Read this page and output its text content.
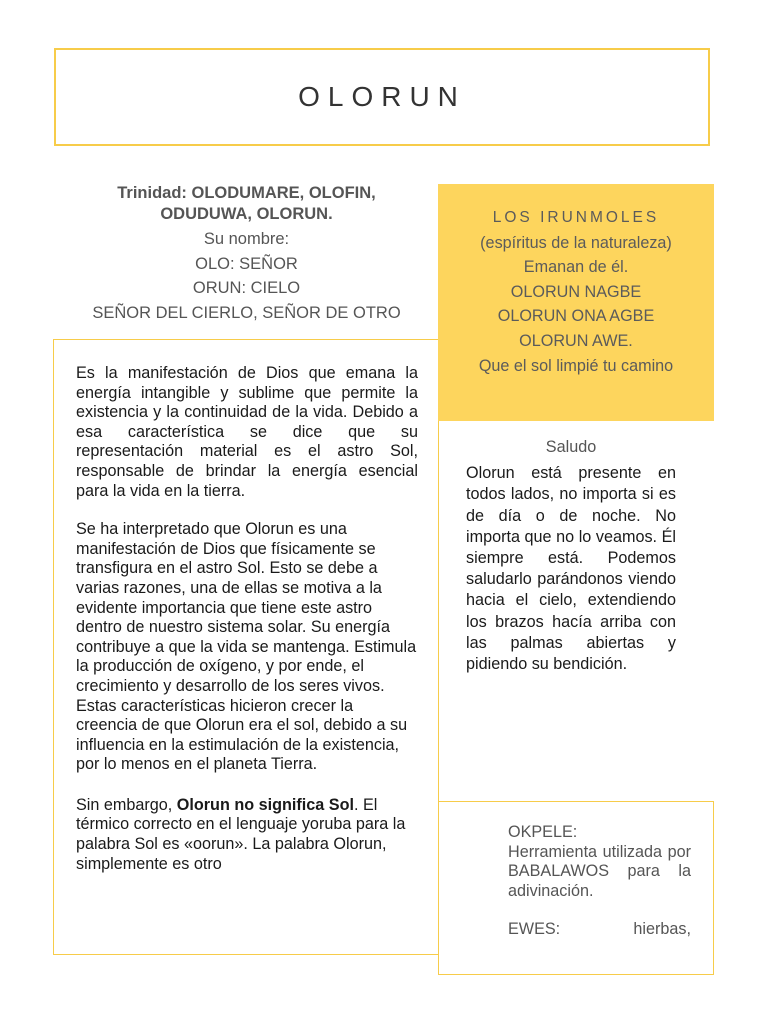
OLORUN
Trinidad: OLODUMARE, OLOFIN, ODUDUWA, OLORUN.
Su nombre:
OLO: SEÑOR
ORUN: CIELO
SEÑOR DEL CIERLO, SEÑOR DE OTRO

Es la manifestación de Dios que emana la energía intangible y sublime que permite la existencia y la continuidad de la vida. Debido a esa característica se dice que su representación material es el astro Sol, responsable de brindar la energía esencial para la vida en la tierra.

Se ha interpretado que Olorun es una manifestación de Dios que físicamente se transfigura en el astro Sol. Esto se debe a varias razones, una de ellas se motiva a la evidente importancia que tiene este astro dentro de nuestro sistema solar. Su energía contribuye a que la vida se mantenga. Estimula la producción de oxígeno, y por ende, el crecimiento y desarrollo de los seres vivos. Estas características hicieron crecer la creencia de que Olorun era el sol, debido a su influencia en la estimulación de la existencia, por lo menos en el planeta Tierra.

Sin embargo, Olorun no significa Sol. El térmico correcto en el lenguaje yoruba para la palabra Sol es «oorun». La palabra Olorun, simplemente es otro

LOS IRUNMOLES
(espíritus de la naturaleza)
Emanan de él.
OLORUN NAGBE
OLORUN ONA AGBE
OLORUN AWE.
Que el sol limpié tu camino
Saludo
Olorun está presente en todos lados, no importa si es de día o de noche. No importa que no lo veamos. Él siempre está. Podemos saludarlo parándonos viendo hacia el cielo, extendiendo los brazos hacía arriba con las palmas abiertas y pidiendo su bendición.

OKPELE:
Herramienta utilizada por BABALAWOS para la adivinación.

EWES: hierbas,
